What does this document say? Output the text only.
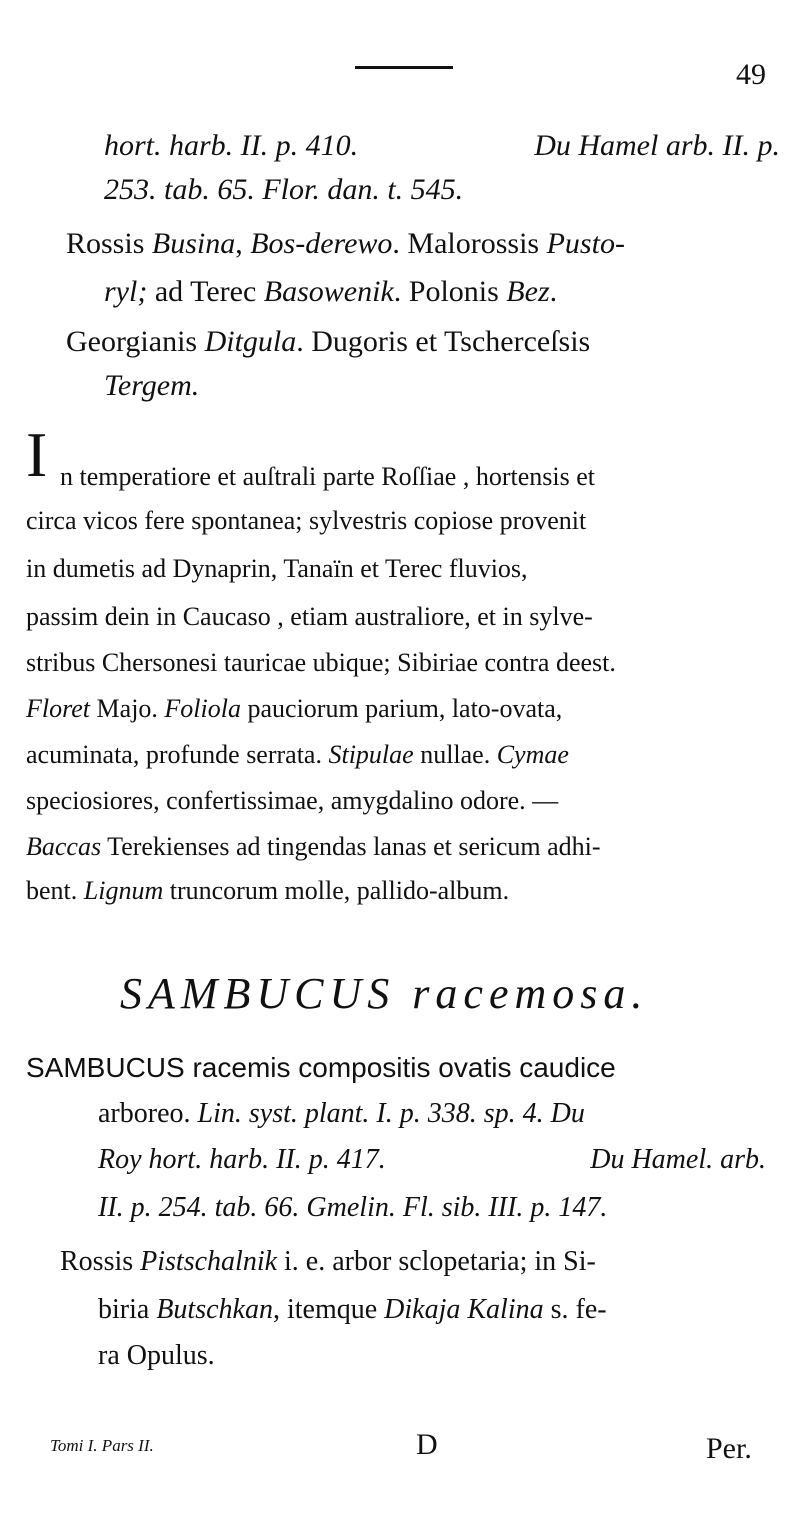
49
hort. harb. II. p. 410.	Du Hamel arb. II. p.
253. tab. 65. Flor. dan. t. 545.
Rossis Busina, Bos-derewo. Malorossis Pusto-
ryl; ad Terec Basowenik. Polonis Bez.
Georgianis Ditgula. Dugoris et Tscherceſsis
Tergem.
I n temperatiore et auſtrali parte Roſſiae , hortensis et
circa vicos fere spontanea; sylvestris copiose provenit
in dumetis ad Dynaprin, Tanaïn et Terec fluvios,
passim dein in Caucaso , etiam australiore, et in sylve-
stribus Chersonesi tauricae ubique; Sibiriae contra deest.
Floret Majo. Foliola pauciorum parium, lato-ovata,
acuminata, profunde serrata. Stipulae nullae. Cymae
speciosiores, confertissimae, amygdalino odore. —
Baccas Terekienses ad tingendas lanas et sericum adhi-
bent. Lignum truncorum molle, pallido-album.
SAMBUCUS racemosa.
SAMBUCUS racemis compositis ovatis caudice
arboreo. Lin. syst. plant. I. p. 338. sp. 4. Du
Roy hort. harb. II. p. 417.	Du Hamel. arb.
II. p. 254. tab. 66. Gmelin. Fl. sib. III. p. 147.
Rossis Pistschalnik i. e. arbor sclopetaria; in Si-
biria Butschkan, itemque Dikaja Kalina s. fe-
ra Opulus.
Tomi I. Pars II.	D	Per.
